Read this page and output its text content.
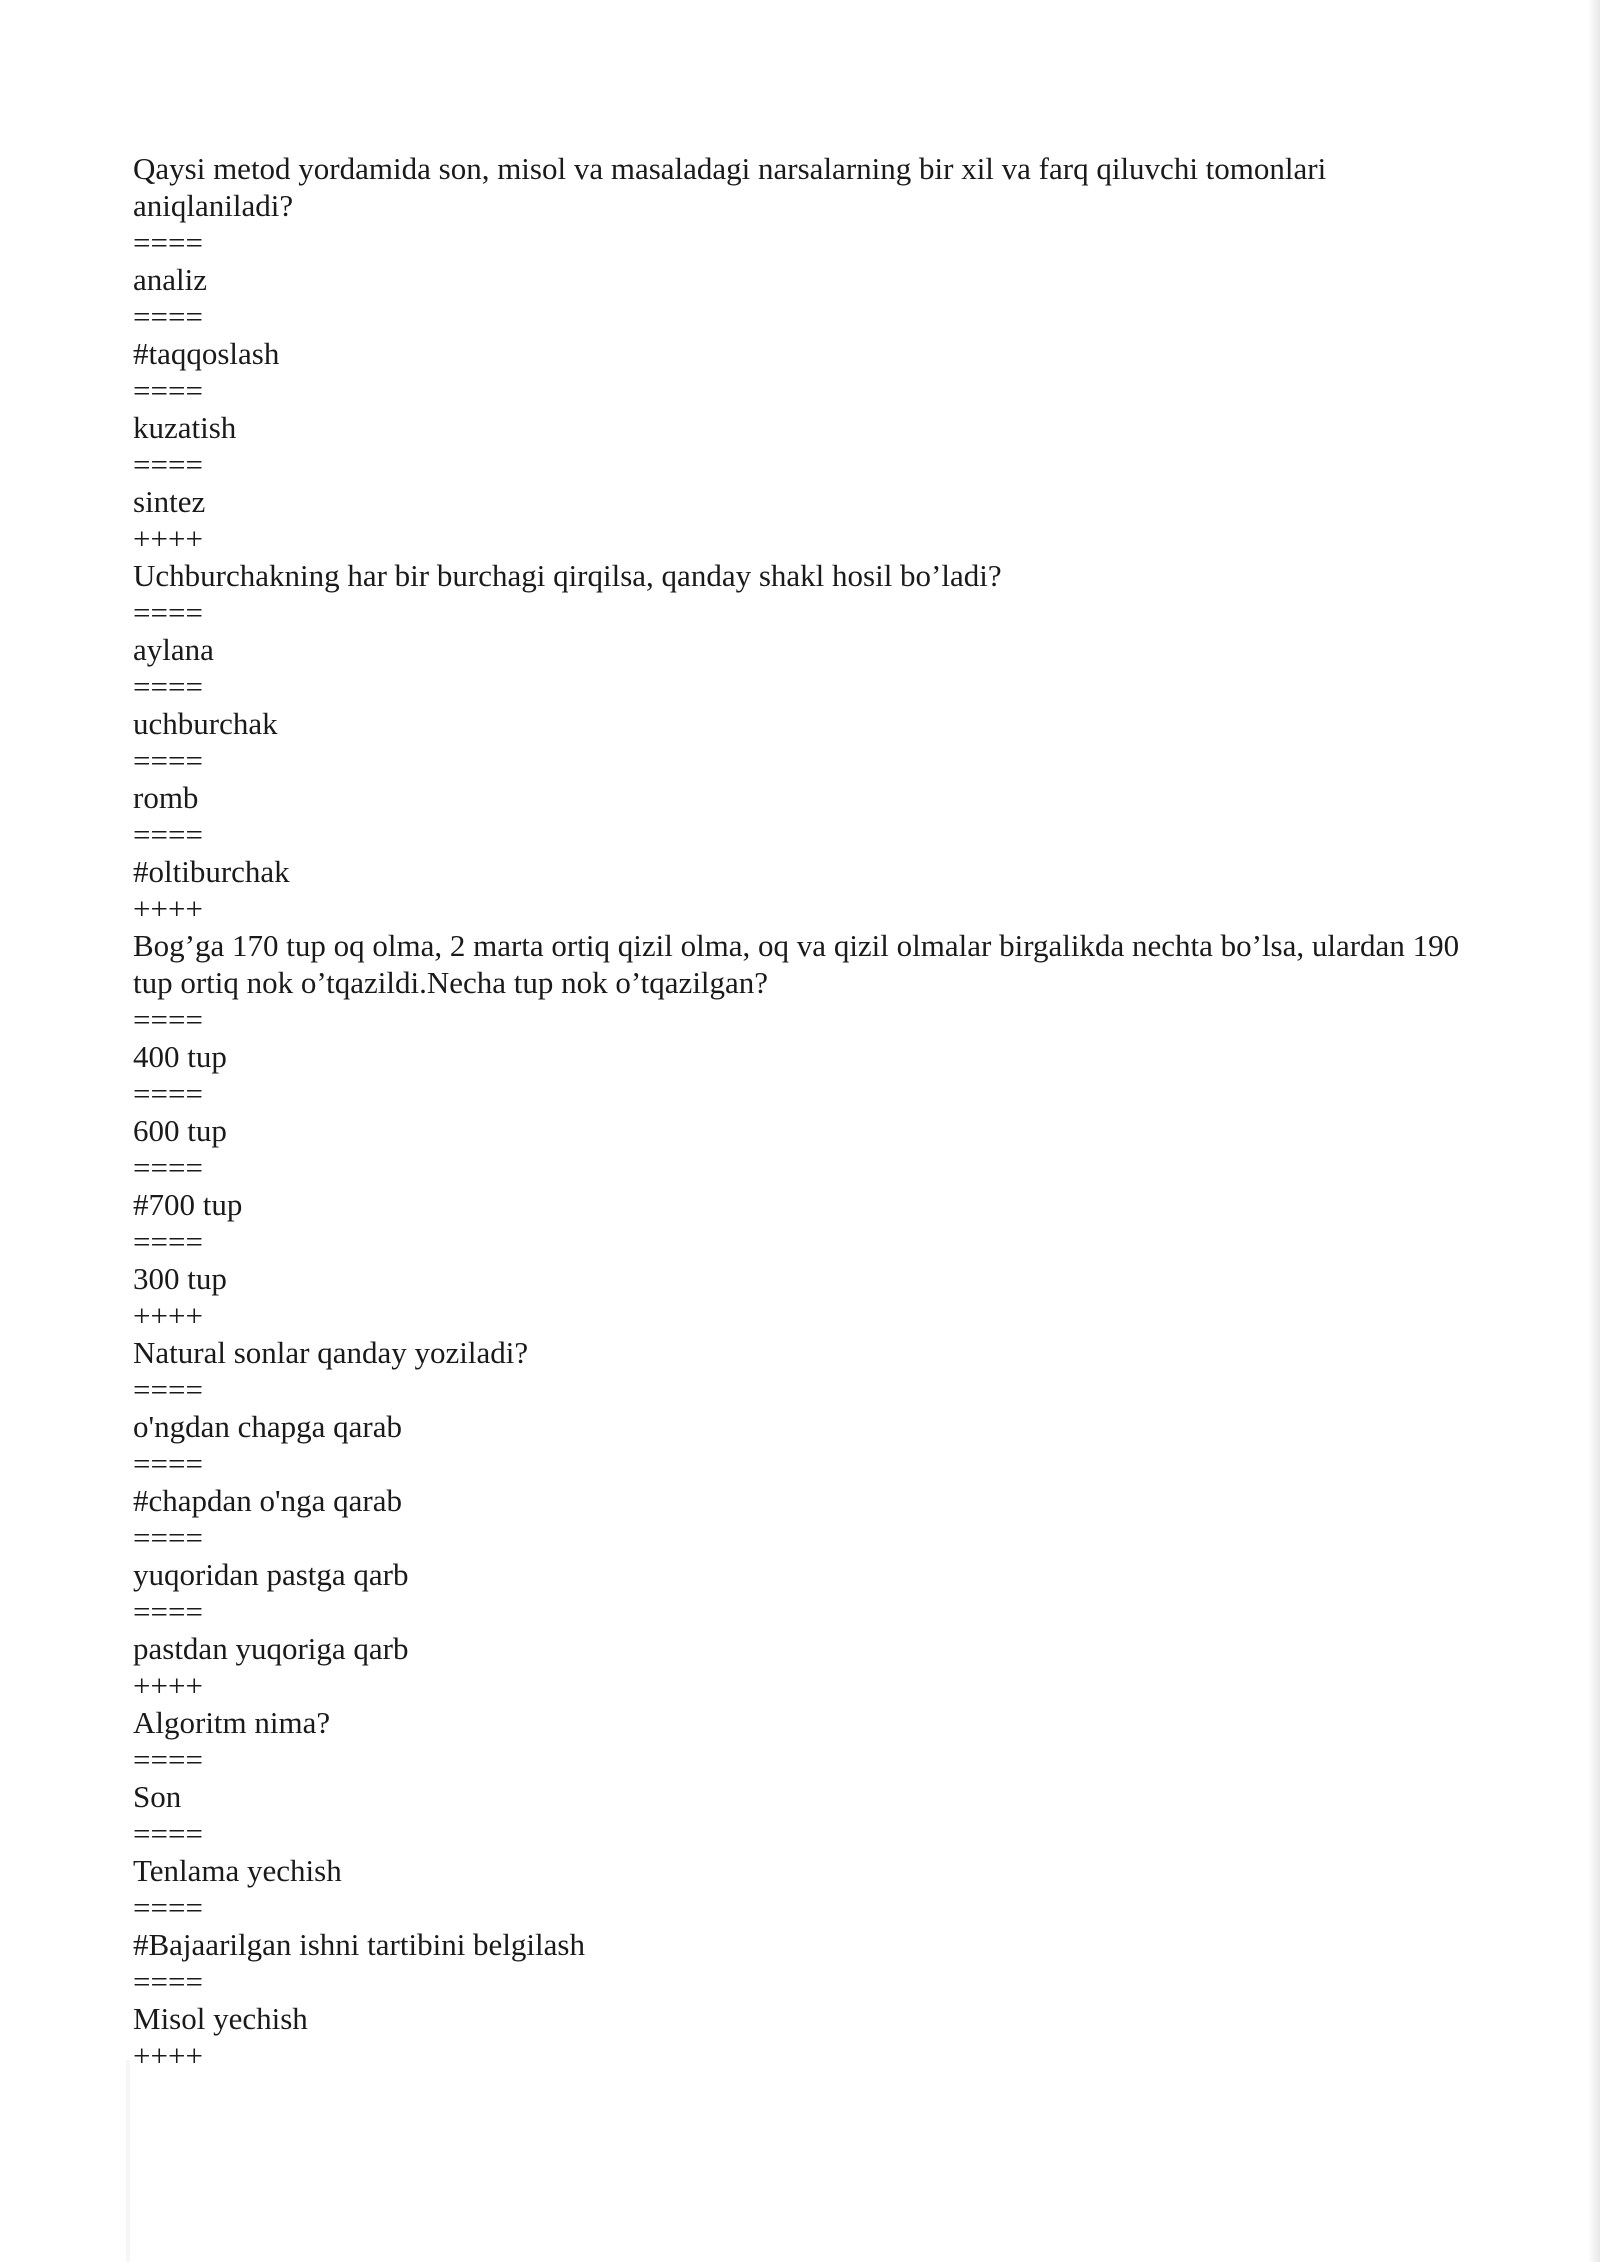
Qaysi metod yordamida son, misol va masaladagi narsalarning bir xil va farq qiluvchi tomonlari aniqlaniladi?
====
analiz
====
#taqqoslash
====
kuzatish
====
sintez
++++
Uchburchakning har bir burchagi qirqilsa, qanday shakl hosil bo’ladi?
====
aylana
====
uchburchak
====
romb
====
#oltiburchak
++++
Bog’ga 170 tup oq olma, 2 marta ortiq qizil olma, oq va qizil olmalar birgalikda nechta bo’lsa, ulardan 190 tup ortiq nok o’tqazildi.Necha tup nok o’tqazilgan?
====
400 tup
====
600 tup
====
#700 tup
====
300 tup
++++
Natural sonlar qanday yoziladi?
====
o'ngdan chapga qarab
====
#chapdan o'nga qarab
====
yuqoridan pastga qarb
====
pastdan yuqoriga qarb
++++
Algoritm nima?
====
Son
====
Tenlama yechish
====
#Bajaarilgan ishni tartibini belgilash
====
Misol yechish
++++
